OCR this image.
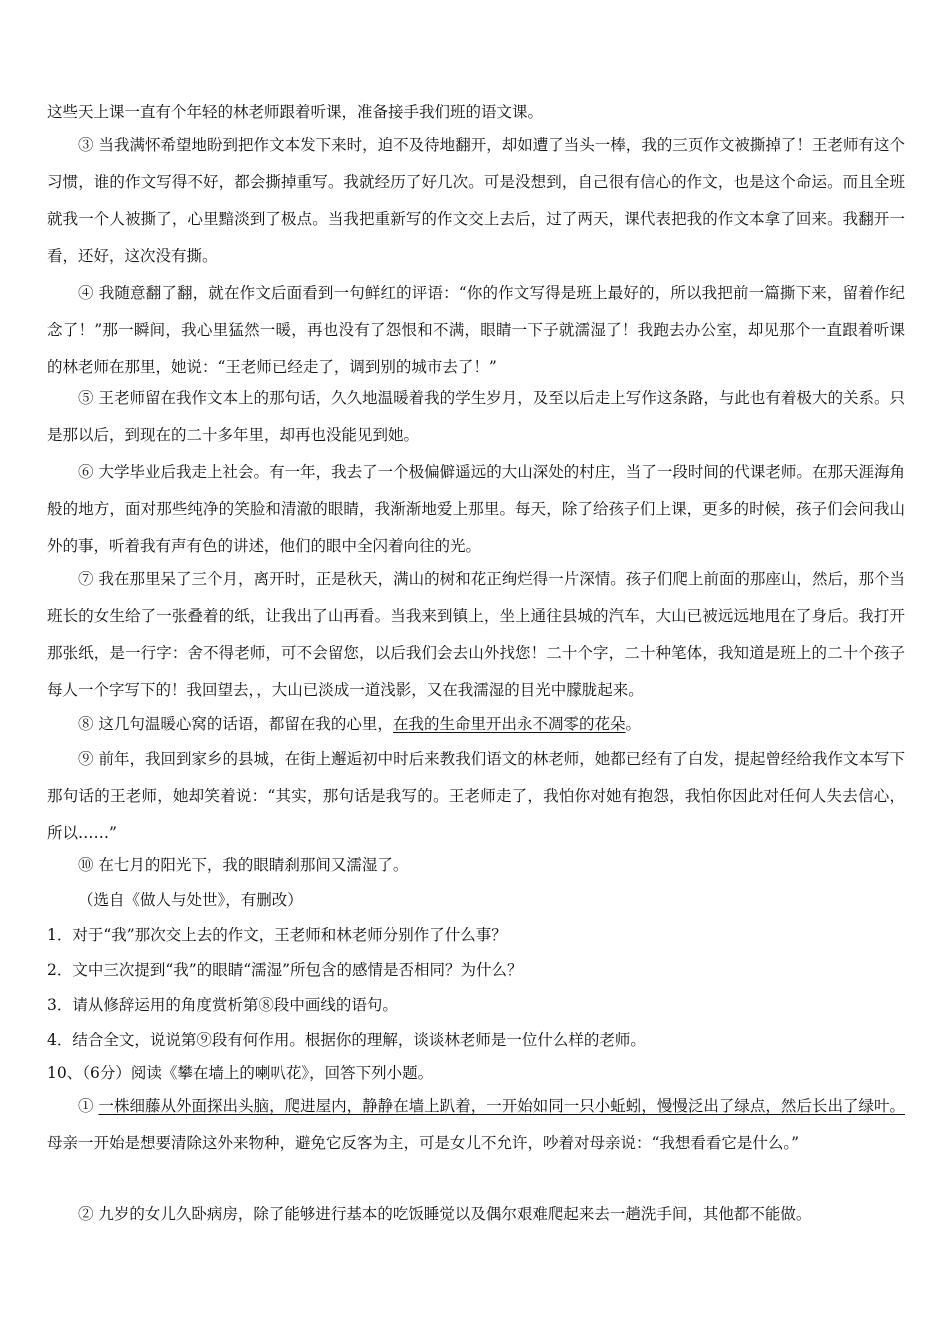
这些天上课一直有个年轻的林老师跟着听课，准备接手我们班的语文课。

③ 当我满怀希望地盼到把作文本发下来时，迫不及待地翻开，却如遭了当头一棒，我的三页作文被撕掉了！王老师有这个习惯，谁的作文写得不好，都会撕掉重写。我就经历了好几次。可是没想到，自己很有信心的作文，也是这个命运。而且全班就我一个人被撕了，心里黯淡到了极点。当我把重新写的作文交上去后，过了两天，课代表把我的作文本拿了回来。我翻开一看，还好，这次没有撕。

④ 我随意翻了翻，就在作文后面看到一句鲜红的评语：“你的作文写得是班上最好的，所以我把前一篇撕下来，留着作纪念了！”那一瞬间，我心里猛然一暖，再也没有了怨恨和不满，眼睛一下子就濡湿了！我跑去办公室，却见那个一直跟着听课的林老师在那里，她说：“王老师已经走了，调到别的城市去了！”

⑤ 王老师留在我作文本上的那句话，久久地温暖着我的学生岁月，及至以后走上写作这条路，与此也有着极大的关系。只是那以后，到现在的二十多年里，却再也没能见到她。

⑥ 大学毕业后我走上社会。有一年，我去了一个极偏僻遥远的大山深处的村庄，当了一段时间的代课老师。在那天涯海角般的地方，面对那些纯净的笑脸和清澈的眼睛，我渐渐地爱上那里。每天，除了给孩子们上课，更多的时候，孩子们会问我山外的事，听着我有声有色的讲述，他们的眼中全闪着向往的光。

⑦ 我在那里呆了三个月，离开时，正是秋天，满山的树和花正绚烂得一片深情。孩子们爬上前面的那座山，然后，那个当班长的女生给了一张叠着的纸，让我出了山再看。当我来到镇上，坐上通往县城的汽车，大山已被远远地甩在了身后。我打开那张纸，是一行字：舍不得老师，可不会留您，以后我们会去山外找您！二十个字，二十种笔体，我知道是班上的二十个孩子每人一个字写下的！我回望去，，大山已淡成一道浅影，又在我濡湿的目光中朦胧起来。

⑧ 这几句温暖心窝的话语，都留在我的心里，在我的生命里开出永不凋零的花朵。

⑨ 前年，我回到家乡的县城，在街上邂逅初中时后来教我们语文的林老师，她都已经有了白发，提起曾经给我作文本写下那句话的王老师，她却笑着说：“其实，那句话是我写的。王老师走了，我怕你对她有抱怨，我怕你因此对任何人失去信心，所以……”

⑩ 在七月的阳光下，我的眼睛刹那间又濡湿了。

（选自《做人与处世》，有删改）

1．对于“我”那次交上去的作文，王老师和林老师分别作了什么事？

2．文中三次提到“我”的眼睛“濡湿”所包含的感情是否相同？为什么？

3．请从修辞运用的角度赏析第⑧段中画线的语句。

4．结合全文，说说第⑨段有何作用。根据你的理解，谈谈林老师是一位什么样的老师。

10、（6分）阅读《攀在墙上的喇叭花》，回答下列小题。

① 一株细藤从外面探出头脑，爬进屋内，静静在墙上趴着，一开始如同一只小蚯蚓，慢慢泛出了绿点，然后长出了绿叶。母亲一开始是想要清除这外来物种，避免它反客为主，可是女儿不允许，吵着对母亲说：“我想看看它是什么。”

② 九岁的女儿久卧病房，除了能够进行基本的吃饭睡觉以及偶尔艰难爬起来去一趟洗手间，其他都不能做。
